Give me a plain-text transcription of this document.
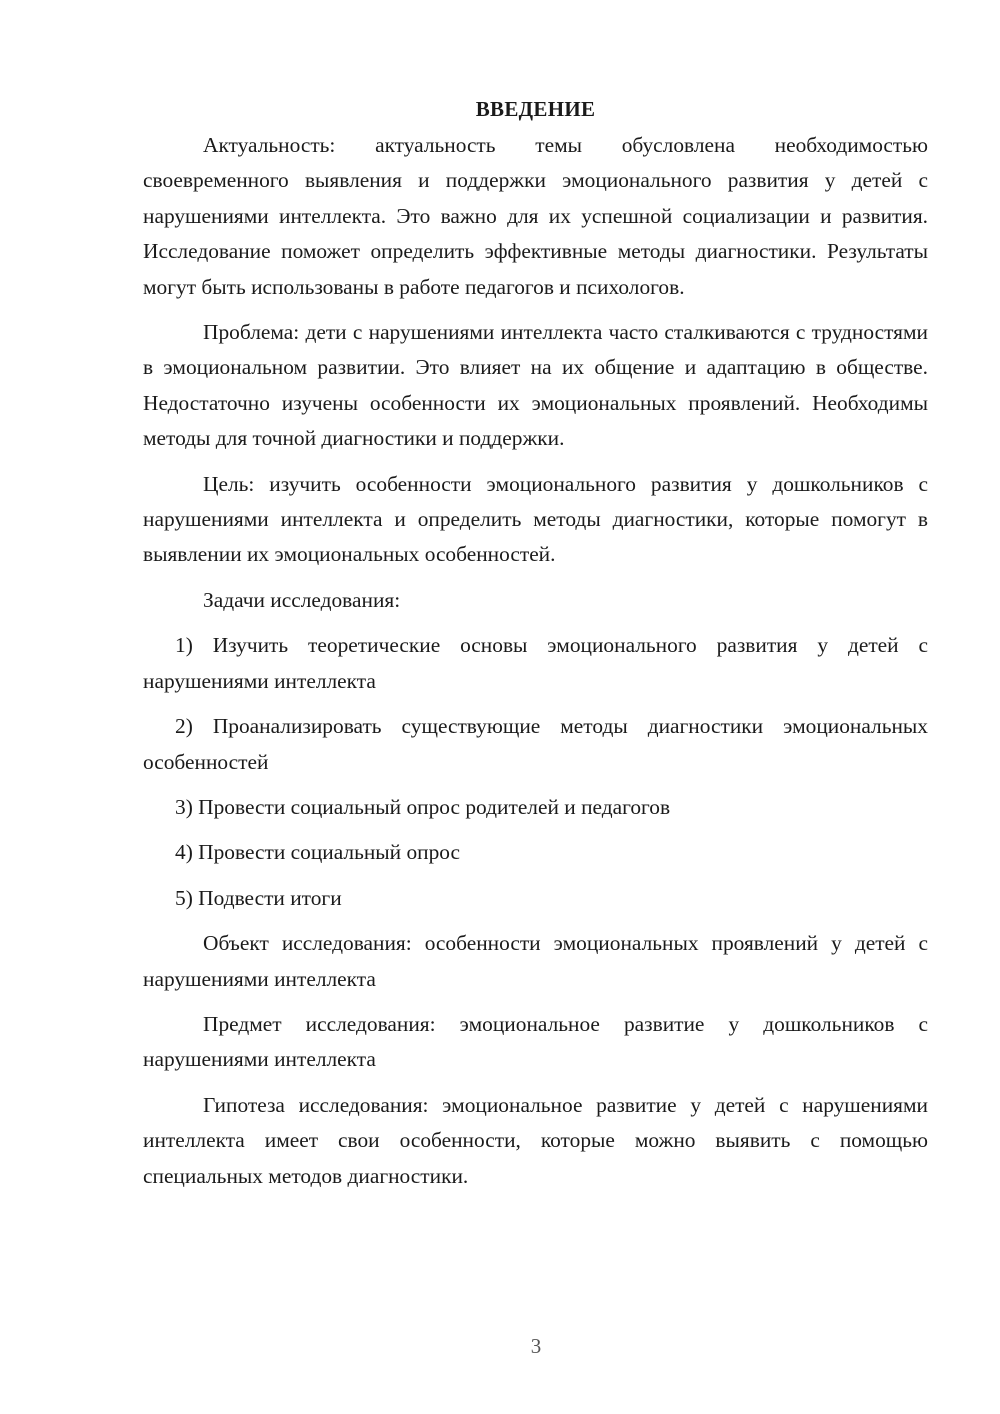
ВВЕДЕНИЕ

Актуальность: актуальность темы обусловлена необходимостью своевременного выявления и поддержки эмоционального развития у детей с нарушениями интеллекта. Это важно для их успешной социализации и развития. Исследование поможет определить эффективные методы диагностики. Результаты могут быть использованы в работе педагогов и психологов.

Проблема: дети с нарушениями интеллекта часто сталкиваются с трудностями в эмоциональном развитии. Это влияет на их общение и адаптацию в обществе. Недостаточно изучены особенности их эмоциональных проявлений. Необходимы методы для точной диагностики и поддержки.

Цель: изучить особенности эмоционального развития у дошкольников с нарушениями интеллекта и определить методы диагностики, которые помогут в выявлении их эмоциональных особенностей.

Задачи исследования:

1) Изучить теоретические основы эмоционального развития у детей с нарушениями интеллекта

2) Проанализировать существующие методы диагностики эмоциональных особенностей

3) Провести социальный опрос родителей и педагогов

4) Провести социальный опрос

5) Подвести итоги

Объект исследования: особенности эмоциональных проявлений у детей с нарушениями интеллекта

Предмет исследования: эмоциональное развитие у дошкольников с нарушениями интеллекта

Гипотеза исследования: эмоциональное развитие у детей с нарушениями интеллекта имеет свои особенности, которые можно выявить с помощью специальных методов диагностики.

3
